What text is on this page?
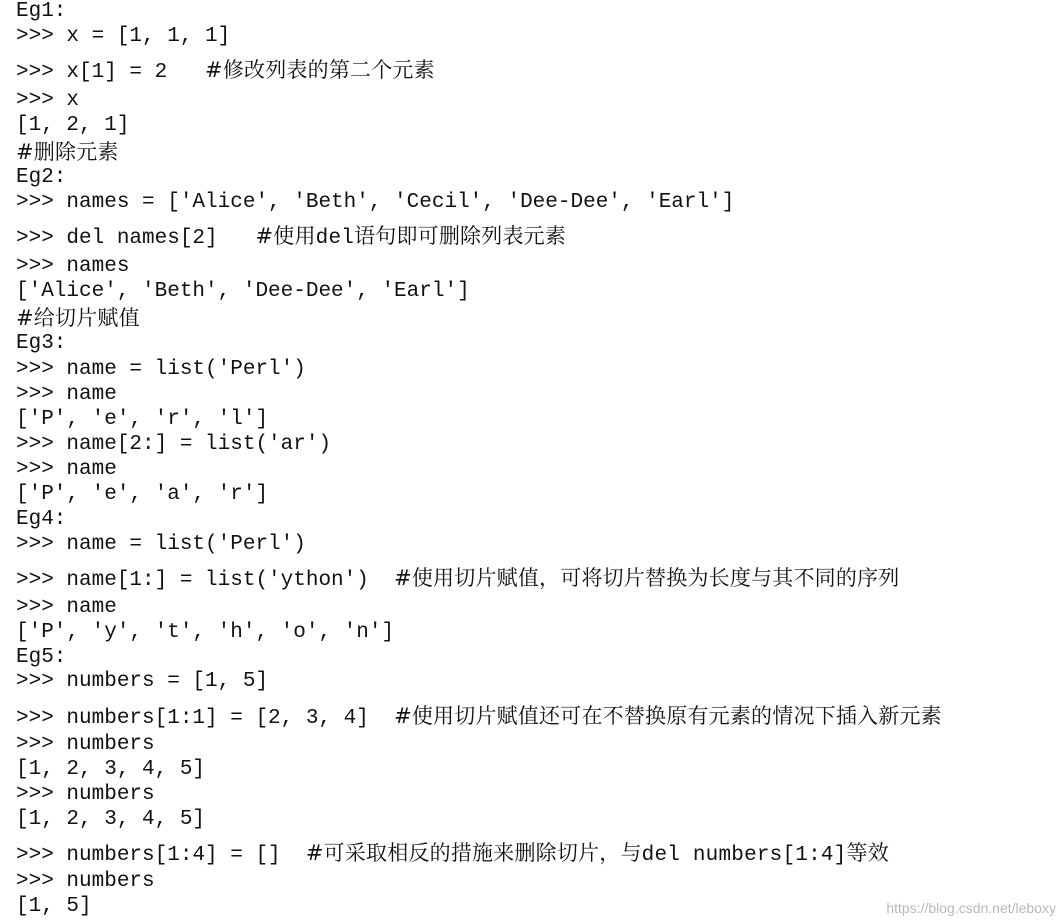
Eg1:
>>> x = [1, 1, 1]
>>> x[1] = 2   #修改列表的第二个元素
>>> x
[1, 2, 1]
#删除元素
Eg2:
>>> names = ['Alice', 'Beth', 'Cecil', 'Dee-Dee', 'Earl']
>>> del names[2]   #使用del语句即可删除列表元素
>>> names
['Alice', 'Beth', 'Dee-Dee', 'Earl']
#给切片赋值
Eg3:
>>> name = list('Perl')
>>> name
['P', 'e', 'r', 'l']
>>> name[2:] = list('ar')
>>> name
['P', 'e', 'a', 'r']
Eg4:
>>> name = list('Perl')
>>> name[1:] = list('ython')  #使用切片赋值，可将切片替换为长度与其不同的序列
>>> name
['P', 'y', 't', 'h', 'o', 'n']
Eg5:
>>> numbers = [1, 5]
>>> numbers[1:1] = [2, 3, 4]  #使用切片赋值还可在不替换原有元素的情况下插入新元素
>>> numbers
[1, 2, 3, 4, 5]
>>> numbers
[1, 2, 3, 4, 5]
>>> numbers[1:4] = []  #可采取相反的措施来删除切片，与del numbers[1:4]等效
>>> numbers
[1, 5]	https://blog.csdn.net/leboxy
